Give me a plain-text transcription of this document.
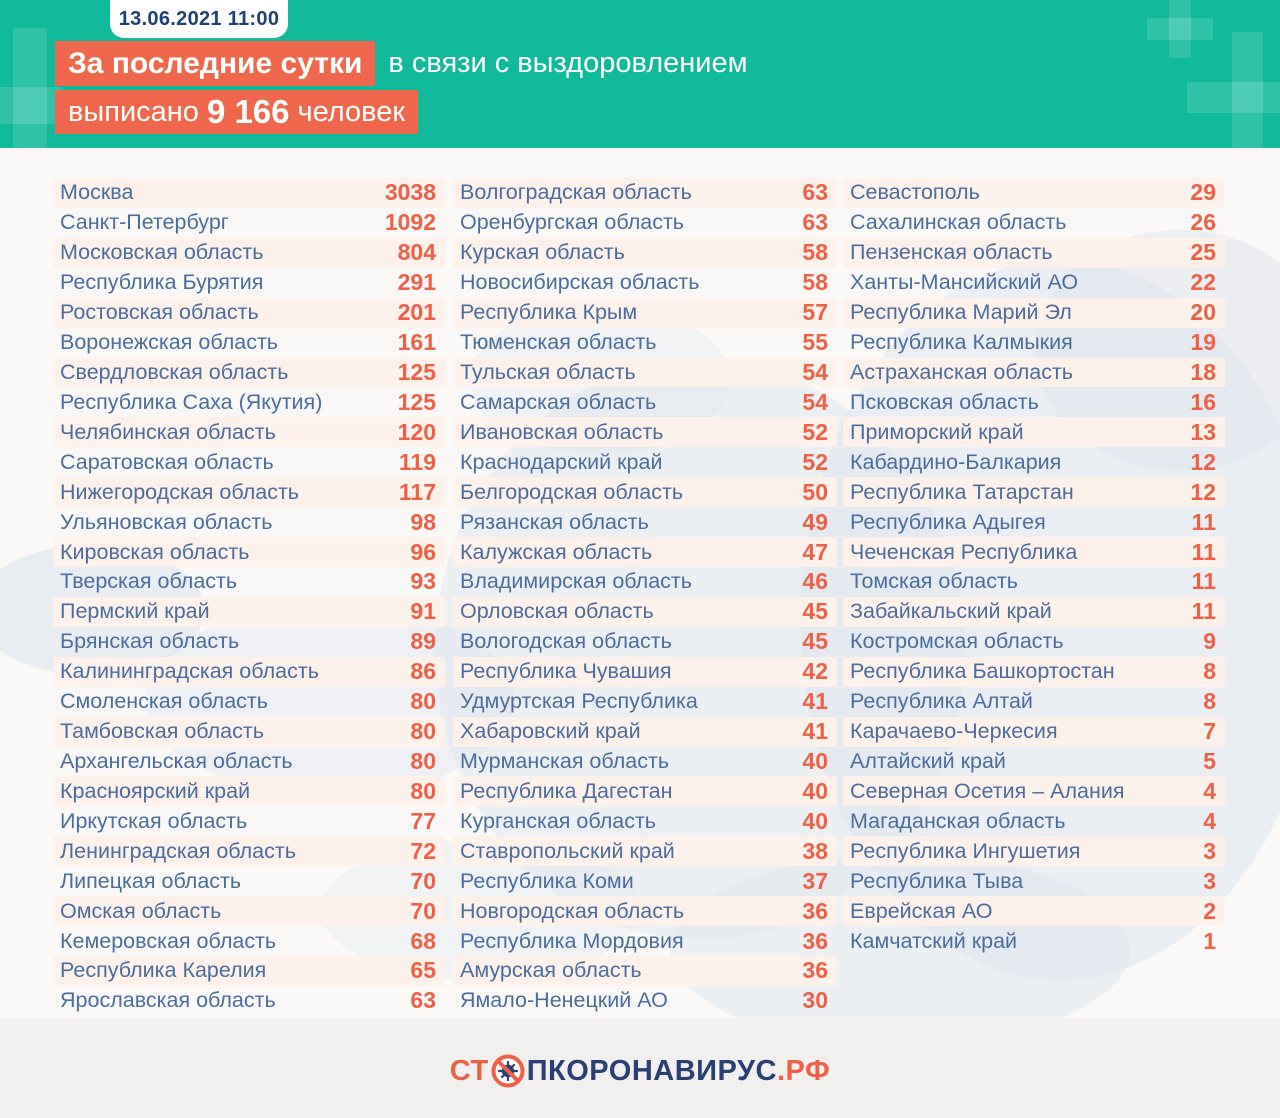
13.06.2021 11:00
За последние сутки в связи с выздоровлением
выписано 9 166 человек
Москва	3038
Санкт-Петербург	1092
Московская область	804
Республика Бурятия	291
Ростовская область	201
Воронежская область	161
Свердловская область	125
Республика Саха (Якутия)	125
Челябинская область	120
Саратовская область	119
Нижегородская область	117
Ульяновская область	98
Кировская область	96
Тверская область	93
Пермский край	91
Брянская область	89
Калининградская область	86
Смоленская область	80
Тамбовская область	80
Архангельская область	80
Красноярский край	80
Иркутская область	77
Ленинградская область	72
Липецкая область	70
Омская область	70
Кемеровская область	68
Республика Карелия	65
Ярославская область	63
Волгоградская область	63
Оренбургская область	63
Курская область	58
Новосибирская область	58
Республика Крым	57
Тюменская область	55
Тульская область	54
Самарская область	54
Ивановская область	52
Краснодарский край	52
Белгородская область	50
Рязанская область	49
Калужская область	47
Владимирская область	46
Орловская область	45
Вологодская область	45
Республика Чувашия	42
Удмуртская Республика	41
Хабаровский край	41
Мурманская область	40
Республика Дагестан	40
Курганская область	40
Ставропольский край	38
Республика Коми	37
Новгородская область	36
Республика Мордовия	36
Амурская область	36
Ямало-Ненецкий АО	30
Севастополь	29
Сахалинская область	26
Пензенская область	25
Ханты-Мансийский АО	22
Республика Марий Эл	20
Республика Калмыкия	19
Астраханская область	18
Псковская область	16
Приморский край	13
Кабардино-Балкария	12
Республика Татарстан	12
Республика Адыгея	11
Чеченская Республика	11
Томская область	11
Забайкальский край	11
Костромская область	9
Республика Башкортостан	8
Республика Алтай	8
Карачаево-Черкесия	7
Алтайский край	5
Северная Осетия – Алания	4
Магаданская область	4
Республика Ингушетия	3
Республика Тыва	3
Еврейская АО	2
Камчатский край	1
СТ ПКОРОНАВИРУС .РФ
